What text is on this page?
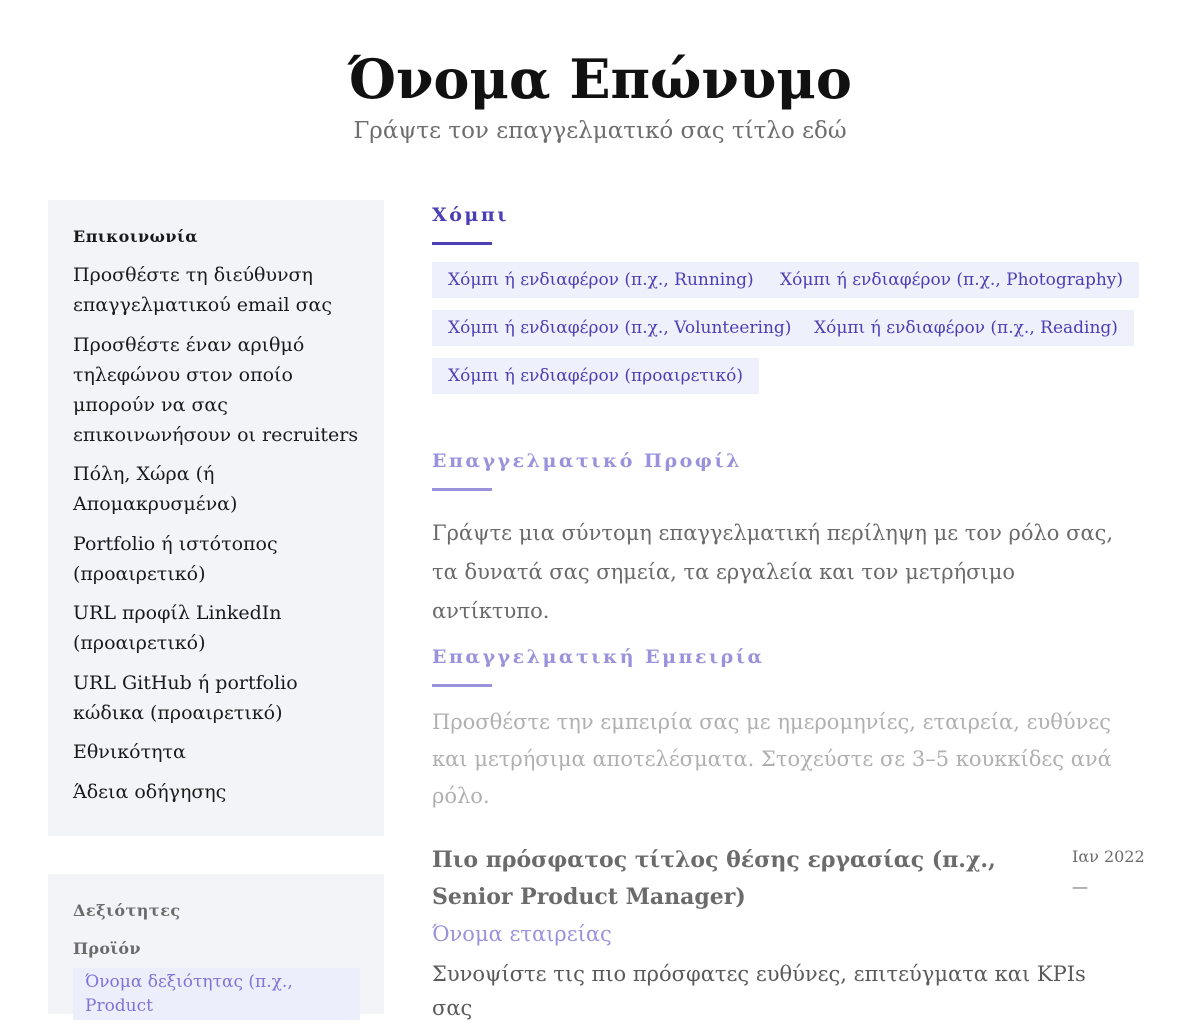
Όνομα Επώνυμο
Γράψτε τον επαγγελματικό σας τίτλο εδώ
Επικοινωνία
Προσθέστε τη διεύθυνση επαγγελματικού email σας
Προσθέστε έναν αριθμό τηλεφώνου στον οποίο μπορούν να σας επικοινωνήσουν οι recruiters
Πόλη, Χώρα (ή Απομακρυσμένα)
Portfolio ή ιστότοπος (προαιρετικό)
URL προφίλ LinkedIn (προαιρετικό)
URL GitHub ή portfolio κώδικα (προαιρετικό)
Εθνικότητα
Άδεια οδήγησης
Δεξιότητες
Προϊόν
Όνομα δεξιότητας (π.χ., Product
Χόμπι
Χόμπι ή ενδιαφέρον (π.χ., Running)	Χόμπι ή ενδιαφέρον (π.χ., Photography)
Χόμπι ή ενδιαφέρον (π.χ., Volunteering)	Χόμπι ή ενδιαφέρον (π.χ., Reading)
Χόμπι ή ενδιαφέρον (προαιρετικό)
Επαγγελματικό Προφίλ
Γράψτε μια σύντομη επαγγελματική περίληψη με τον ρόλο σας, τα δυνατά σας σημεία, τα εργαλεία και τον μετρήσιμο αντίκτυπο.
Επαγγελματική Εμπειρία
Προσθέστε την εμπειρία σας με ημερομηνίες, εταιρεία, ευθύνες και μετρήσιμα αποτελέσματα. Στοχεύστε σε 3–5 κουκκίδες ανά ρόλο.
Πιο πρόσφατος τίτλος θέσης εργασίας (π.χ., Senior Product Manager)
Ιαν 2022 —
Όνομα εταιρείας
Συνοψίστε τις πιο πρόσφατες ευθύνες, επιτεύγματα και KPIs σας
